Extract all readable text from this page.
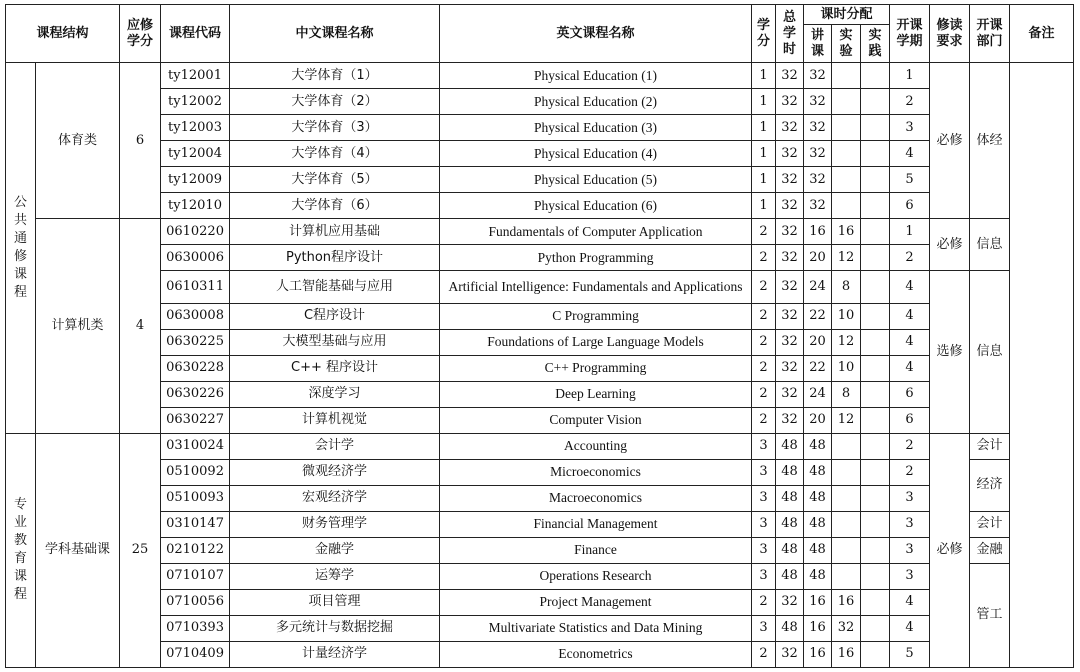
课程结构		应修学分	课程代码	中文课程名称	英文课程名称	学分	总学时	课时分配			开课学期	修读要求	开课部门	备注
								讲课	实验	实践				

公共通修课程	体育类	6	ty12001	大学体育（1）	Physical Education (1)	1	32	32			1	必修	体经	
			ty12002	大学体育（2）	Physical Education (2)	1	32	32			2			
			ty12003	大学体育（3）	Physical Education (3)	1	32	32			3			
			ty12004	大学体育（4）	Physical Education (4)	1	32	32			4			
			ty12009	大学体育（5）	Physical Education (5)	1	32	32			5			
			ty12010	大学体育（6）	Physical Education (6)	1	32	32			6			
	计算机类	4	0610220	计算机应用基础	Fundamentals of Computer Application	2	32	16	16		1	必修	信息	
			0630006	Python程序设计	Python Programming	2	32	20	12		2			
			0610311	人工智能基础与应用	Artificial Intelligence: Fundamentals and Applications	2	32	24	8		4	选修	信息	
			0630008	C程序设计	C Programming	2	32	22	10		4			
			0630225	大模型基础与应用	Foundations of Large Language Models	2	32	20	12		4			
			0630228	C++ 程序设计	C++ Programming	2	32	22	10		4			
			0630226	深度学习	Deep Learning	2	32	24	8		6			
			0630227	计算机视觉	Computer Vision	2	32	20	12		6			

专业教育课程	学科基础课	25	0310024	会计学	Accounting	3	48	48			2	必修	会计	
			0510092	微观经济学	Microeconomics	3	48	48			2		经济	
			0510093	宏观经济学	Macroeconomics	3	48	48			3			
			0310147	财务管理学	Financial Management	3	48	48			3		会计	
			0210122	金融学	Finance	3	48	48			3		金融	
			0710107	运筹学	Operations Research	3	48	48			3		管工	
			0710056	项目管理	Project Management	2	32	16	16		4			
			0710393	多元统计与数据挖掘	Multivariate Statistics and Data Mining	3	48	16	32		4			
			0710409	计量经济学	Econometrics	2	32	16	16		5			
